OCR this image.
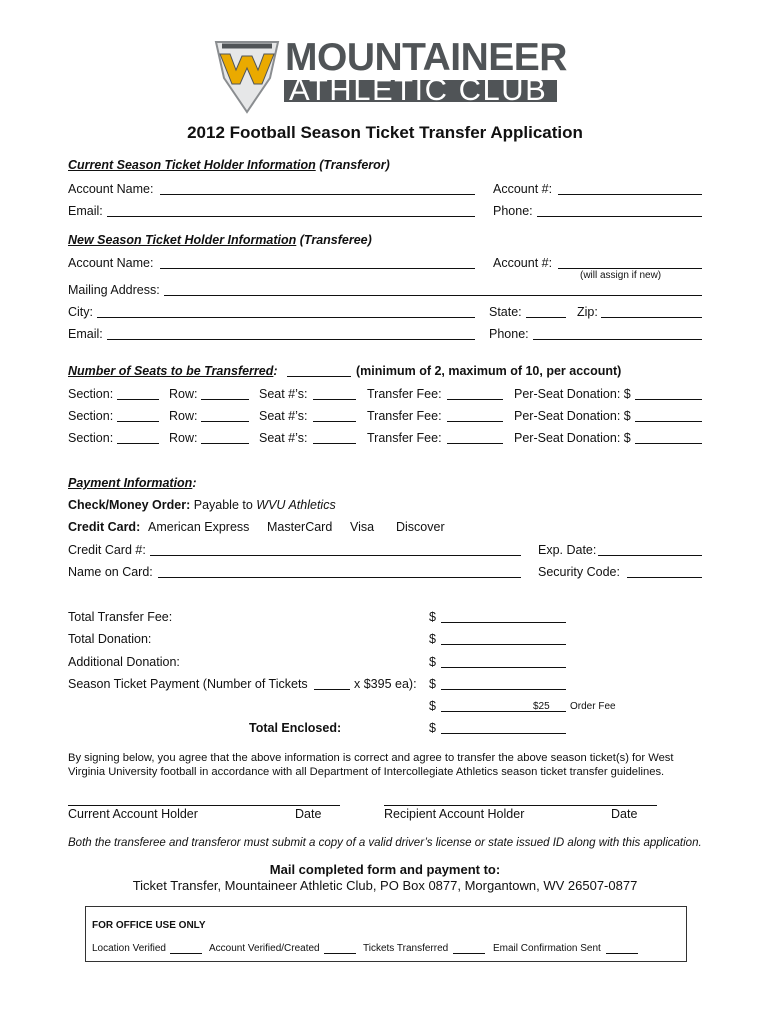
MOUNTAINEER
ATHLETIC CLUB
2012 Football Season Ticket Transfer Application
Current Season Ticket Holder Information (Transferor)
Account Name:	Account #:
Email:	Phone:
New Season Ticket Holder Information (Transferee)
Account Name:	Account #:
(will assign if new)
Mailing Address:
City:	State:	Zip:
Email:	Phone:
Number of Seats to be Transferred:	(minimum of 2, maximum of 10, per account)
Section:	Row:	Seat #’s:	Transfer Fee:	Per-Seat Donation: $
Section:	Row:	Seat #’s:	Transfer Fee:	Per-Seat Donation: $
Section:	Row:	Seat #’s:	Transfer Fee:	Per-Seat Donation: $
Payment Information:
Check/Money Order: Payable to WVU Athletics
Credit Card: American Express MasterCard Visa Discover
Credit Card #:	Exp. Date:
Name on Card:	Security Code:
Total Transfer Fee:	$
Total Donation:	$
Additional Donation:	$
Season Ticket Payment (Number of Tickets	x $395 ea): $
$	$25 Order Fee
Total Enclosed:	$
By signing below, you agree that the above information is correct and agree to transfer the above season ticket(s) for West Virginia University football in accordance with all Department of Intercollegiate Athletics season ticket transfer guidelines.
Current Account Holder	Date	Recipient Account Holder	Date
Both the transferee and transferor must submit a copy of a valid driver’s license or state issued ID along with this application.
Mail completed form and payment to:
Ticket Transfer, Mountaineer Athletic Club, PO Box 0877, Morgantown, WV 26507-0877
FOR OFFICE USE ONLY
Location Verified	Account Verified/Created	Tickets Transferred	Email Confirmation Sent
